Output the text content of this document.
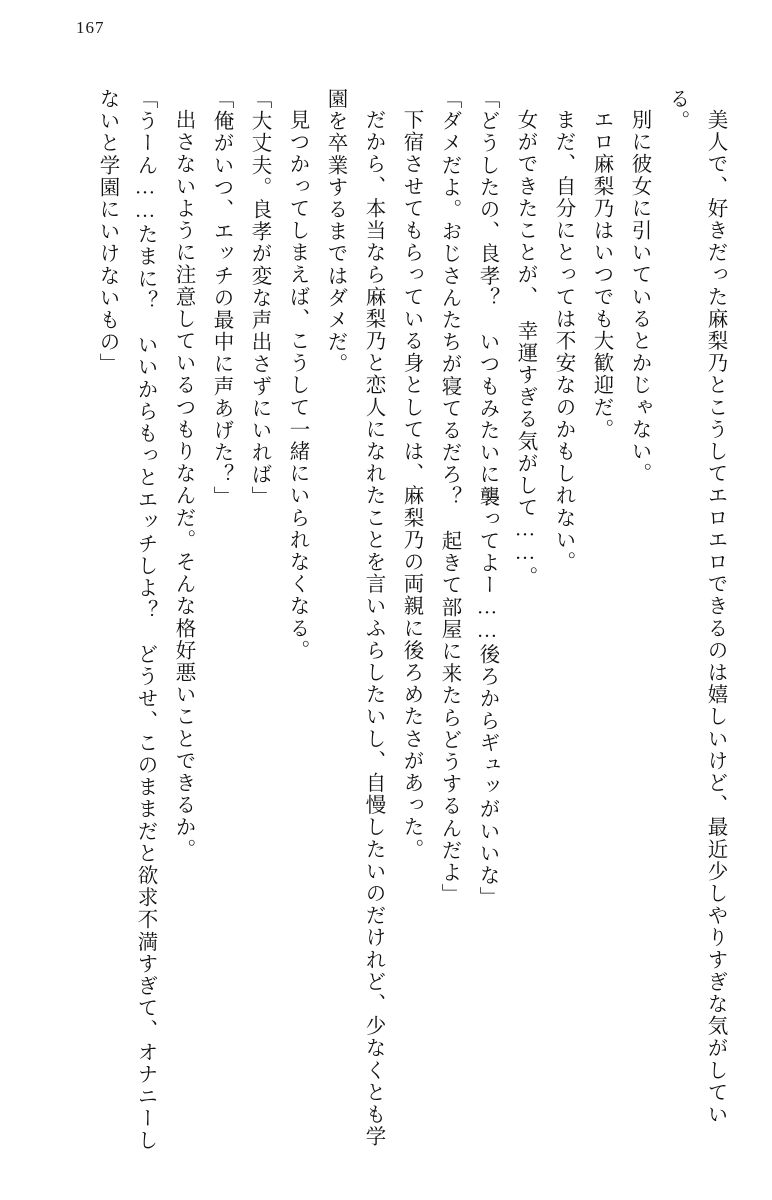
167

美人で、好きだった麻梨乃とこうしてエロエロできるのは嬉しいけど、最近少しやりすぎな気がしている。

別に彼女に引いているとかじゃない。

エロ麻梨乃はいつでも大歓迎だ。

まだ、自分にとっては不安なのかもしれない。

女ができたことが、　幸運すぎる気がして……。

「どうしたの、良孝？　いつもみたいに襲ってよー……後ろからギュッがいいな」

「ダメだよ。おじさんたちが寝てるだろ？　起きて部屋に来たらどうするんだよ」

下宿させてもらっている身としては、麻梨乃の両親に後ろめたさがあった。

だから、本当なら麻梨乃と恋人になれたことを言いふらしたいし、自慢したいのだけれど、少なくとも学園を卒業するまではダメだ。

見つかってしまえば、こうして一緒にいられなくなる。

「大丈夫。良孝が変な声出さずにいれば」

「俺がいつ、エッチの最中に声あげた？」

出さないように注意しているつもりなんだ。そんな格好悪いことできるか。

「うーん……たまに？　いいからもっとエッチしよ？　どうせ、このままだと欲求不満すぎて、オナニーしないと学園にいけないもの」
